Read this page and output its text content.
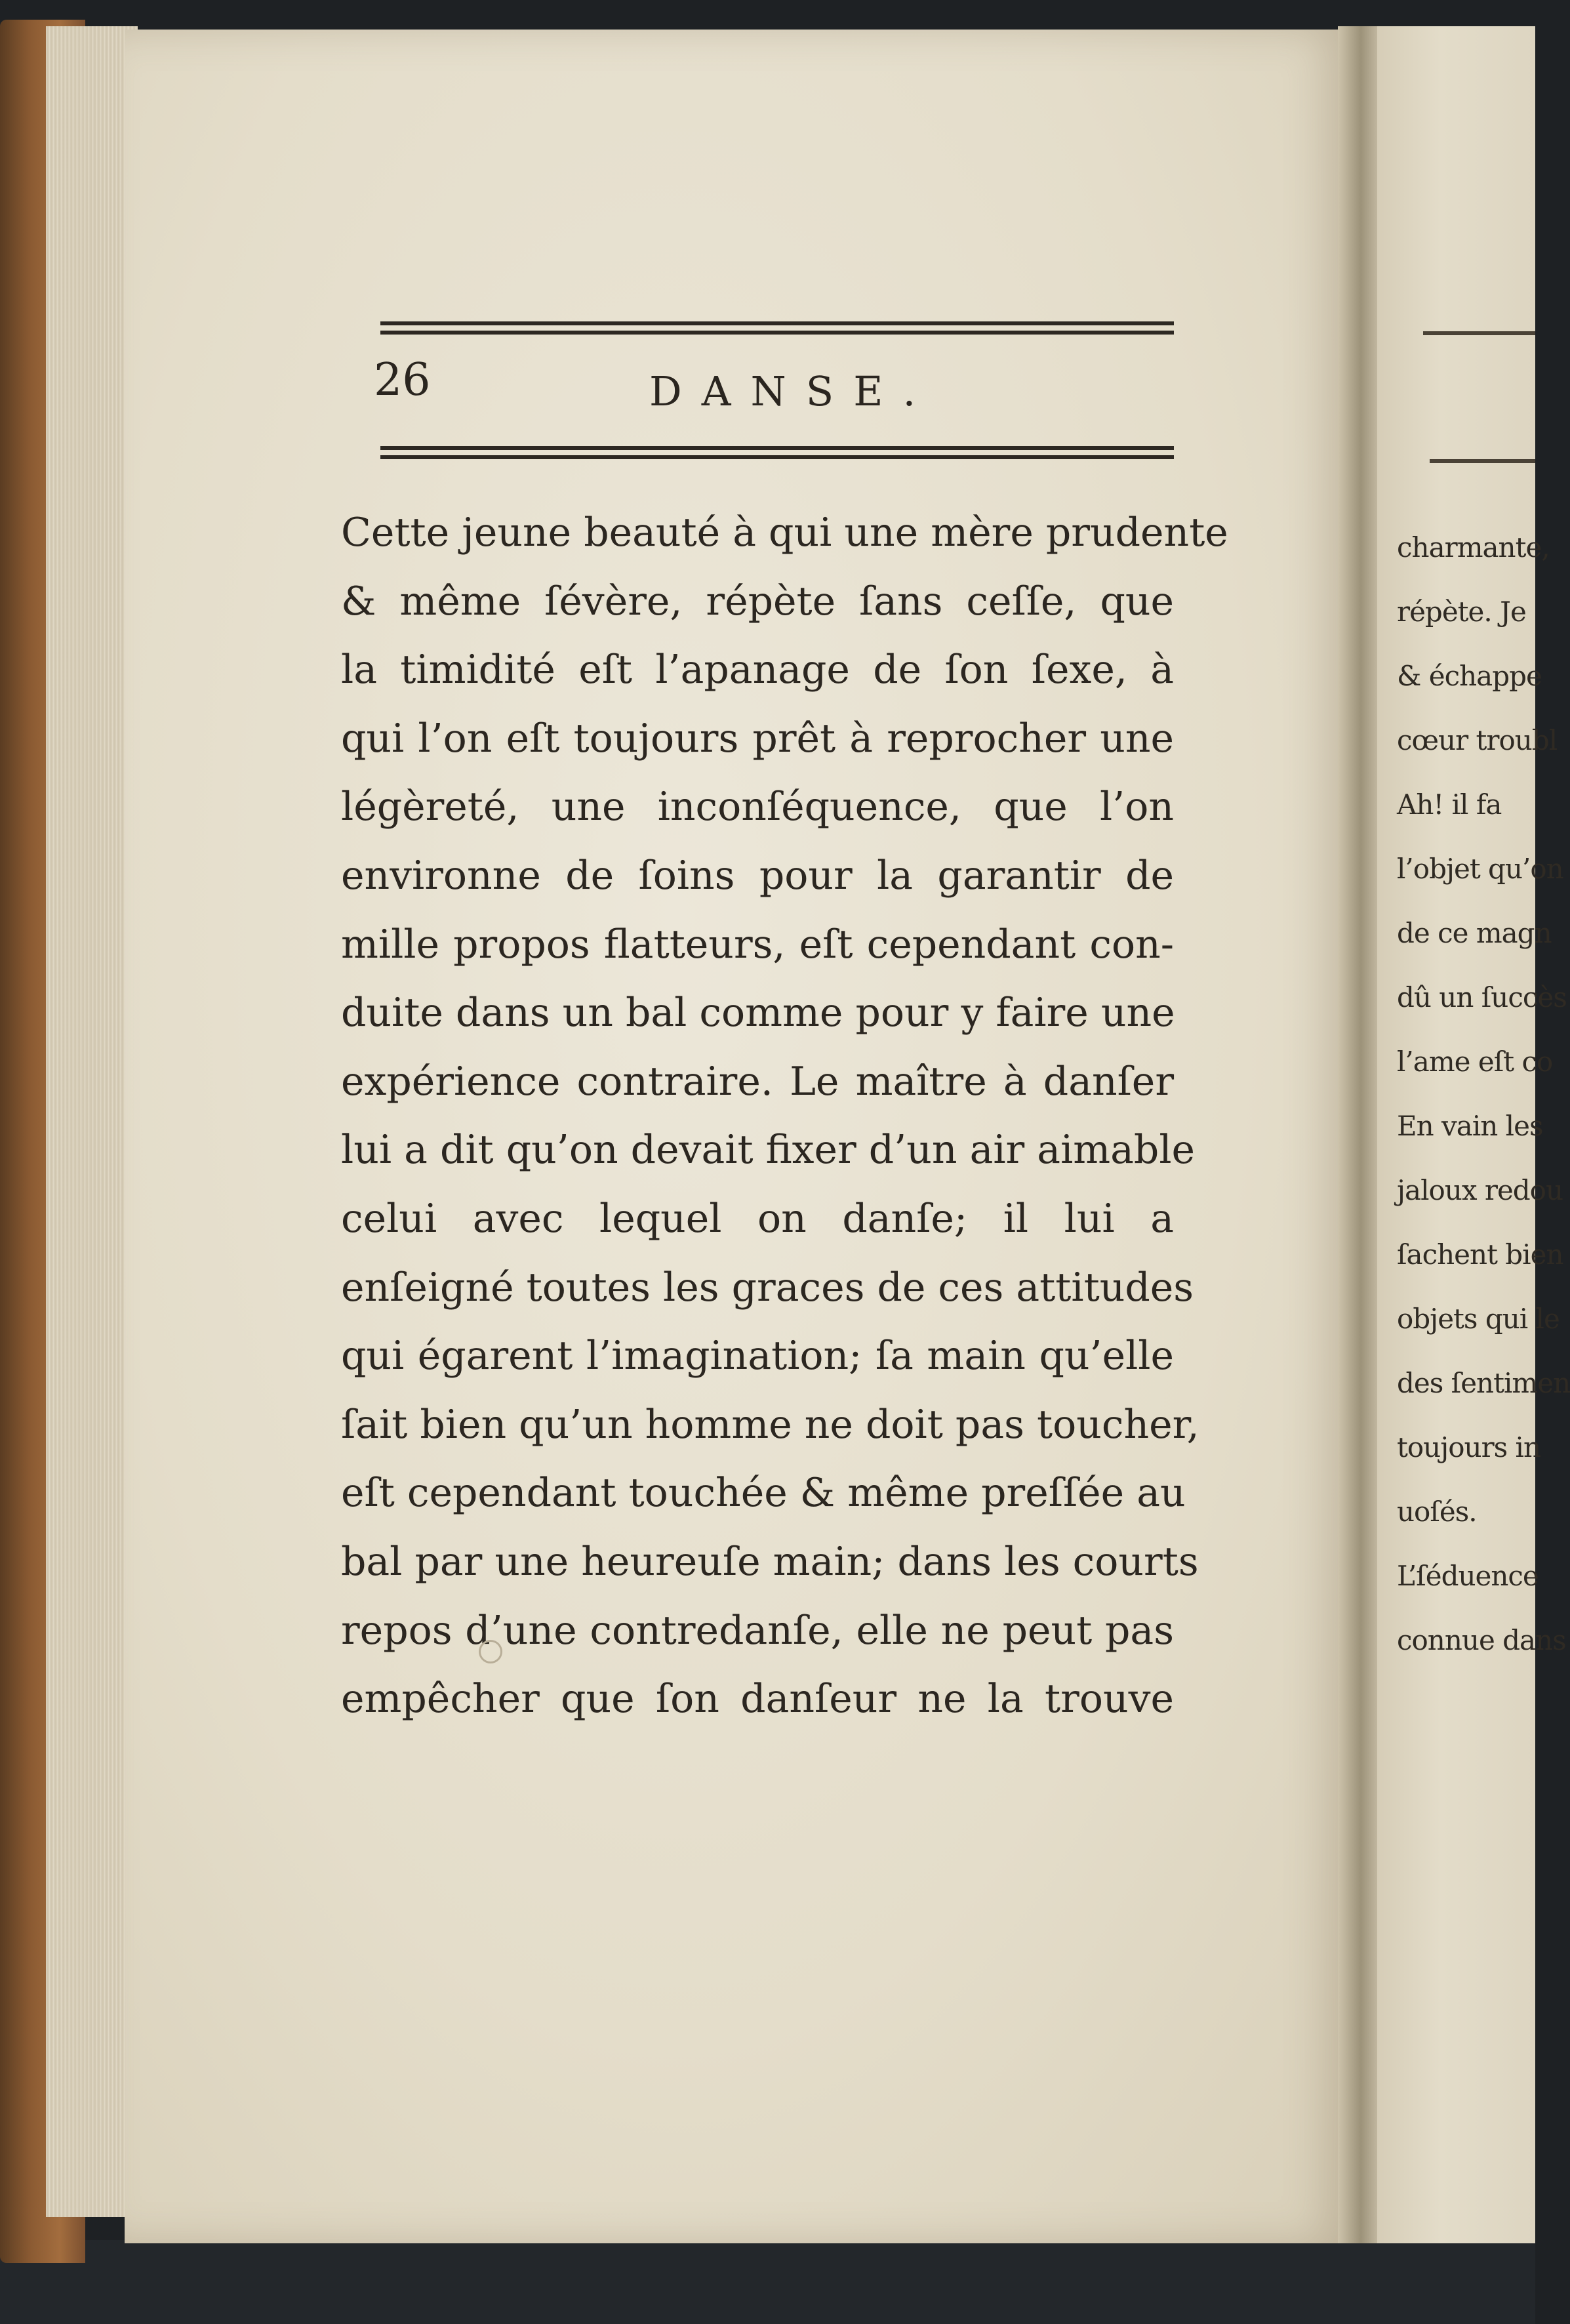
charmante,
répète. Je
& échappe
cœur troubl
Ah! il fa
l’objet qu’on
de ce magn
dû un ſuccès
l’ame eſt co
En vain les
jaloux redou
ſachent bien
objets qui le
des ſentimen
toujours in
uoſés.
L’ſéduence
connue dans
26	DANSE.
Cette jeune beauté à qui une mère prudente
& même ſévère, répète ſans ceſſe, que
la timidité eſt l’apanage de ſon ſexe, à
qui l’on eſt toujours prêt à reprocher une
légèreté, une inconſéquence, que l’on
environne de ſoins pour la garantir de
mille propos flatteurs, eſt cependant con-
duite dans un bal comme pour y faire une
expérience contraire. Le maître à danſer
lui a dit qu’on devait fixer d’un air aimable
celui avec lequel on danſe; il lui a
enſeigné toutes les graces de ces attitudes
qui égarent l’imagination; ſa main qu’elle
ſait bien qu’un homme ne doit pas toucher,
eſt cependant touchée & même preſſée au
bal par une heureuſe main; dans les courts
repos d’une contredanſe, elle ne peut pas
empêcher que ſon danſeur ne la trouve
